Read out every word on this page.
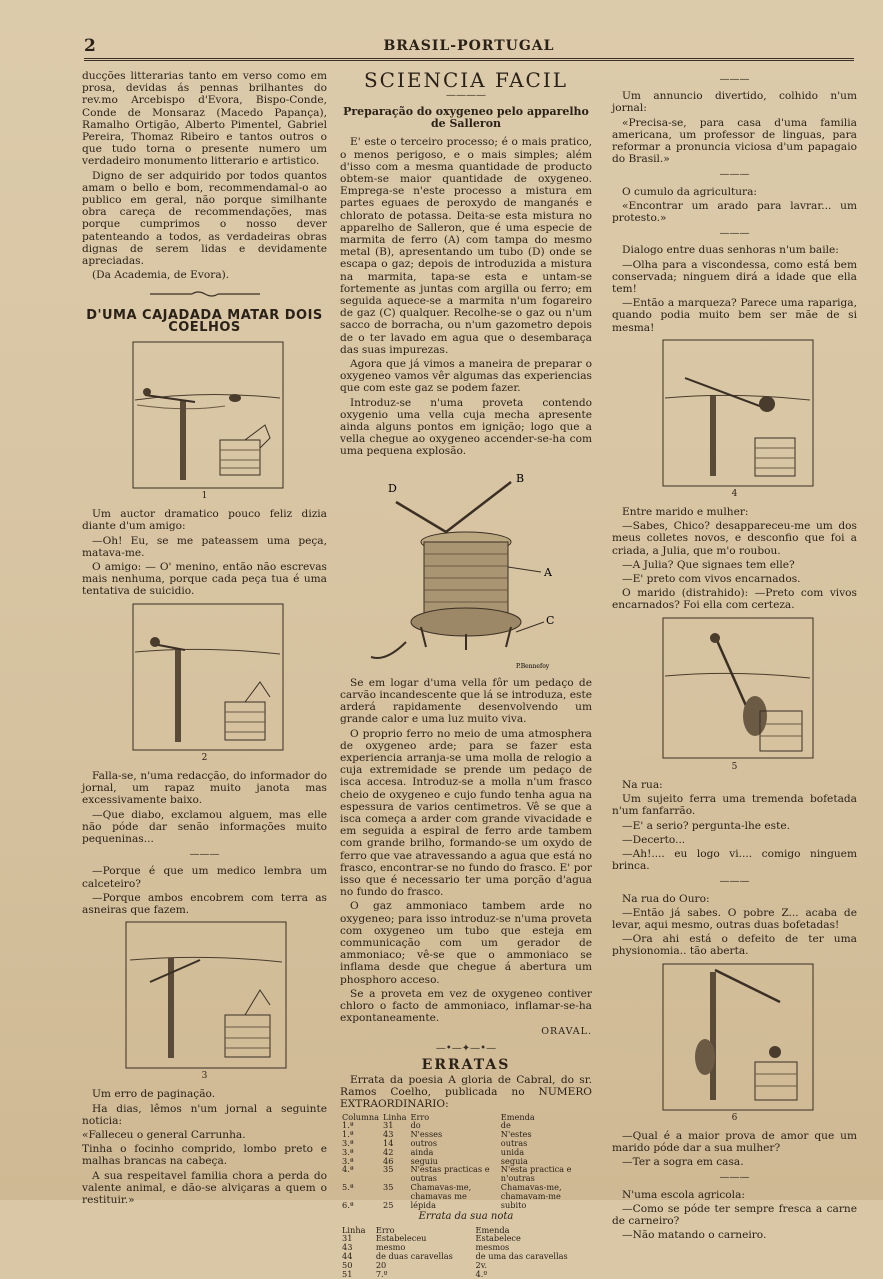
2	BRASIL-PORTUGAL

ducções litterarias tanto em verso como em prosa, devidas ás pennas brilhantes do rev.mo Arcebispo d'Evora, Bispo-Conde, Conde de Monsaraz (Macedo Papança), Ramalho Ortigão, Alberto Pimentel, Gabriel Pereira, Thomaz Ribeiro e tantos outros o que tudo torna o presente numero um verdadeiro monumento litterario e artistico.

Digno de ser adquirido por todos quantos amam o bello e bom, recommendamal-o ao publico em geral, não porque similhante obra careça de recommendações, mas porque cumprimos o nosso dever patenteando a todos, as verdadeiras obras dignas de serem lidas e devidamente apreciadas.

(Da Academia, de Evora).

D'UMA CAJADADA MATAR DOIS COELHOS
1

Um auctor dramatico pouco feliz dizia diante d'um amigo:

—Oh! Eu, se me pateassem uma peça, matava-me.

O amigo: — O' menino, então não escrevas mais nenhuma, porque cada peça tua é uma tentativa de suicidio.

2

Falla-se, n'uma redacção, do informador do jornal, um rapaz muito janota mas excessivamente baixo.

—Que diabo, exclamou alguem, mas elle não póde dar senão informações muito pequeninas...

———

—Porque é que um medico lembra um calceteiro?

—Porque ambos encobrem com terra as asneiras que fazem.

3

Um erro de paginação.

Ha dias, lêmos n'um jornal a seguinte noticia:

«Falleceu o general Carrunha.

Tinha o focinho comprido, lombo preto e malhas brancas na cabeça.

A sua respeitavel familia chora a perda do valente animal, e dão-se alviçaras a quem o restituir.»

SCIENCIA FACIL
————
Preparação do oxygeneo pelo apparelho de Salleron

E' este o terceiro processo; é o mais pratico, o menos perigoso, e o mais simples; além d'isso com a mesma quantidade de producto obtem-se maior quantidade de oxygeneo. Emprega-se n'este processo a mistura em partes eguaes de peroxydo de manganés e chlorato de potassa. Deita-se esta mistura no apparelho de Salleron, que é uma especie de marmita de ferro (A) com tampa do mesmo metal (B), apresentando um tubo (D) onde se escapa o gaz; depois de introduzida a mistura na marmita, tapa-se esta e untam-se fortemente as juntas com argilla ou ferro; em seguida aquece-se a marmita n'um fogareiro de gaz (C) qualquer. Recolhe-se o gaz ou n'um sacco de borracha, ou n'um gazometro depois de o ter lavado em agua que o desembaraça das suas impurezas.

Agora que já vimos a maneira de preparar o oxygeneo vamos vêr algumas das experiencias que com este gaz se podem fazer.

Introduz-se n'uma proveta contendo oxygenio uma vella cuja mecha apresente ainda alguns pontos em ignição; logo que a vella chegue ao oxygeneo accender-se-ha com uma pequena explosão.

D
B
A
C
P.Bennefoy

Se em logar d'uma vella fôr um pedaço de carvão incandescente que lá se introduza, este arderá rapidamente desenvolvendo um grande calor e uma luz muito viva.

O proprio ferro no meio de uma atmosphera de oxygeneo arde; para se fazer esta experiencia arranja-se uma molla de relogio a cuja extremidade se prende um pedaço de isca accesa. Introduz-se a molla n'um frasco cheio de oxygeneo e cujo fundo tenha agua na espessura de varios centimetros. Vê se que a isca começa a arder com grande vivacidade e em seguida a espiral de ferro arde tambem com grande brilho, formando-se um oxydo de ferro que vae atravessando a agua que está no frasco, encontrar-se no fundo do frasco. E' por isso que é necessario ter uma porção d'agua no fundo do frasco.

O gaz ammoniaco tambem arde no oxygeneo; para isso introduz-se n'uma proveta com oxygeneo um tubo que esteja em communicação com um gerador de ammoniaco; vê-se que o ammoniaco se inflama desde que chegue á abertura um phosphoro acceso.

Se a proveta em vez de oxygeneo contiver chloro o facto de ammoniaco, inflamar-se-ha expontaneamente.

ORAVAL.
—•—✦—•—
ERRATAS

Errata da poesia A gloria de Cabral, do sr. Ramos Coelho, publicada no NUMERO EXTRAORDINARIO:

Columna	Linha	Erro	Emenda
1.ª	31	do	de
1.ª	43	N'esses	N'estes
3.ª	14	outros	outras
3.ª	42	ainda	unida
3.ª	46	seguiu	seguia
4.ª	35	N'estas practicas e outras	N'esta practica e n'outras
5.ª	35	Chamavas-me, chamavas me	Chamavas-me, chamavam-me
6.ª	25	lépida	subito
Errata da sua nota
Linha	Erro	Emenda
31	Estabeleceu	Estabelece
43	mesmo	mesmos
44	de duas caravellas	de uma das caravellas
50	20	2v.
51	7.º	4.º
———

Um annuncio divertido, colhido n'um jornal:

«Precisa-se, para casa d'uma familia americana, um professor de linguas, para reformar a pronuncia viciosa d'um papagaio do Brasil.»

———

O cumulo da agricultura:

«Encontrar um arado para lavrar... um protesto.»

———

Dialogo entre duas senhoras n'um baile:

—Olha para a viscondessa, como está bem conservada; ninguem dirá a idade que ella tem!

—Então a marqueza? Parece uma rapariga, quando podia muito bem ser mãe de si mesma!

4

Entre marido e mulher:

—Sabes, Chico? desappareceu-me um dos meus colletes novos, e desconfio que foi a criada, a Julia, que m'o roubou.

—A Julia? Que signaes tem elle?

—E' preto com vivos encarnados.

O marido (distrahido): —Preto com vivos encarnados? Foi ella com certeza.

5

Na rua:

Um sujeito ferra uma tremenda bofetada n'um fanfarrão.

—E' a serio? pergunta-lhe este.

—Decerto...

—Ah!.... eu logo vi.... comigo ninguem brinca.

———

Na rua do Ouro:

—Então já sabes. O pobre Z... acaba de levar, aqui mesmo, outras duas bofetadas!

—Ora ahi está o defeito de ter uma physionomia.. tão aberta.

6

—Qual é a maior prova de amor que um marido póde dar a sua mulher?

—Ter a sogra em casa.

———

N'uma escola agricola:

—Como se póde ter sempre fresca a carne de carneiro?

—Não matando o carneiro.
